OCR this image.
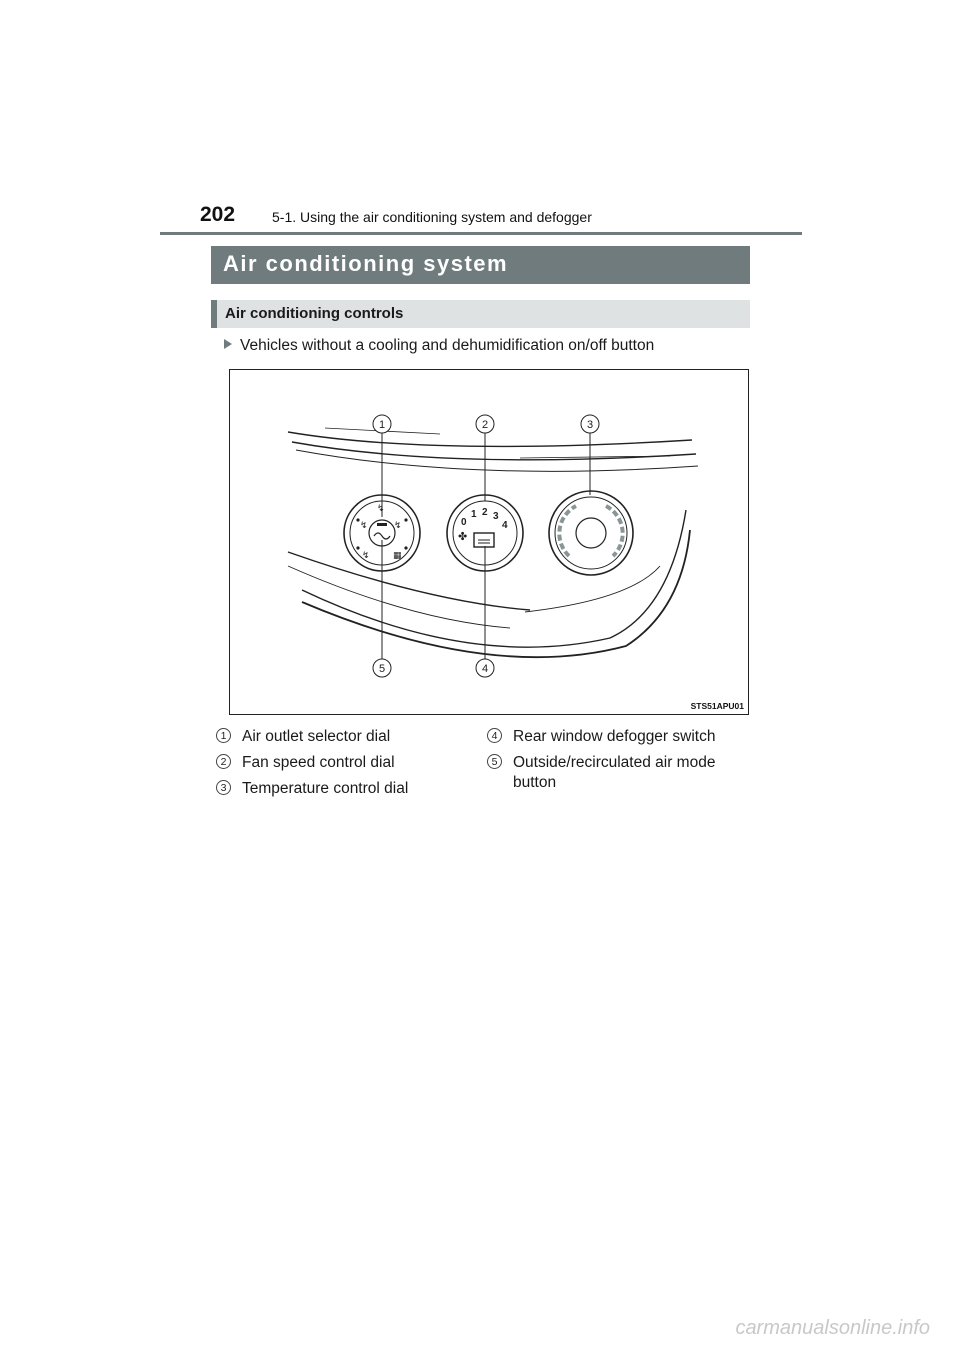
202	5-1. Using the air conditioning system and defogger
Air conditioning system
Air conditioning controls
Vehicles without a cooling and dehumidification on/off button
↯
↯	↯
↯	▦
✤
0
1 2 3
4
1	2	3
4
5
STS51APU01
1 Air outlet selector dial
2 Fan speed control dial
3 Temperature control dial
4 Rear window defogger switch
5 Outside/recirculated air mode button
carmanualsonline.info
